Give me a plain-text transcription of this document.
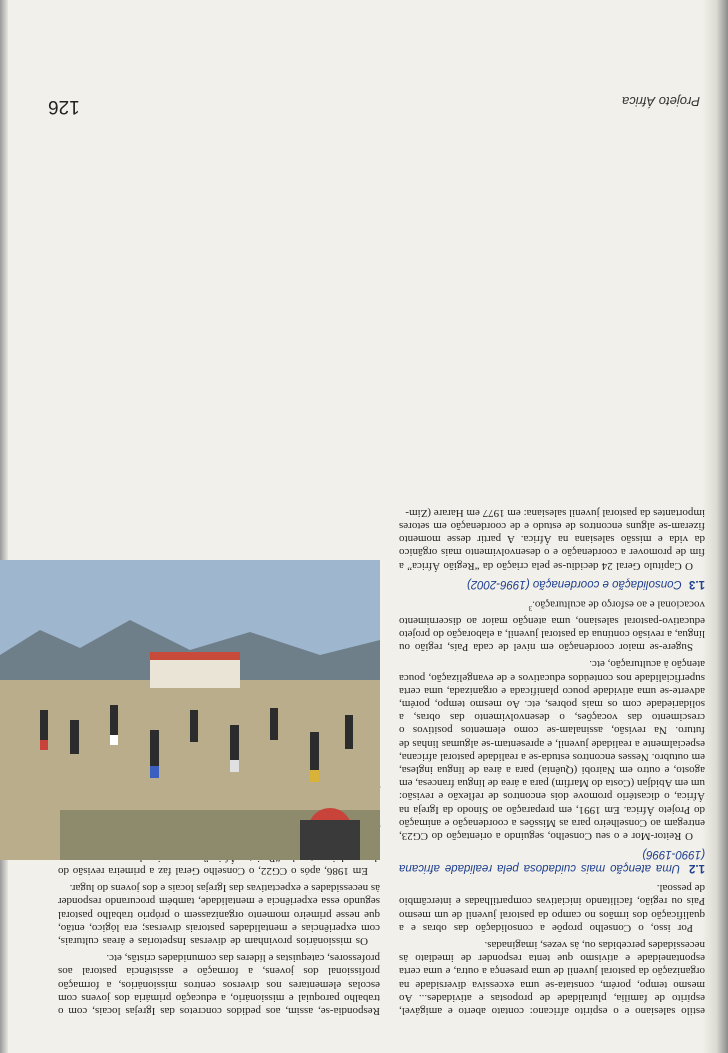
Respondia-se, assim, aos pedidos concretos das Igrejas locais, com o trabalho paroquial e missionário, a educação primária dos jovens com escolas elementares nos diversos centros missionários, a formação profissional dos jovens, a formação e assistência pastoral aos professores, catequistas e líderes das comunidades cristãs, etc.

Os missionários provinham de diversas Inspetorias e áreas culturais, com experiências e mentalidades pastorais diversas; era lógico, então, que nesse primeiro momento organizassem o próprio trabalho pastoral segundo essa experiência e mentalidade, também procurando responder às necessidades e expectativas das Igrejas locais e dos jovens do lugar.

Em 1986, após o CG22, o Conselho Geral faz a primeira revisão do

estilo salesiano e o espírito africano: contato aberto e amigável, espírito de família, pluralidade de propostas e atividades... Ao mesmo tempo, porém, constata-se uma excessiva diversidade na organização da pastoral juvenil de uma presença a outra, e uma certa espontaneidade e ativismo que tenta responder de imediato às necessidades percebidas ou, às vezes, imaginadas.

Por isso, o Conselho propõe a consolidação das obras e a qualificação dos irmãos no campo da pastoral juvenil de um mesmo País ou região, facilitando iniciativas compartilhadas e intercâmbio de pessoal.

1.2 Uma atenção mais cuidadosa pela realidade africana (1990-1996)

O Reitor-Mor e o seu Conselho, seguindo a orientação do CG23, entregam ao Conselheiro para as Missões a coordenação e animação do Projeto África. Em 1991, em preparação ao Sínodo da Igreja na África, o dicastério promove dois encontros de reflexão e revisão: um em Abidjan (Costa do Marfim) para a área de língua francesa, em agosto, e outro em Nairobi (Quênia) para a área de língua inglesa, em outubro. Nesses encontros estuda-se a realidade pastoral africana, especialmente a realidade juvenil, e apresentam-se algumas linhas de futuro. Na revisão, assinalam-se como elementos positivos o crescimento das vocações, o desenvolvimento das obras, a solidariedade com os mais pobres, etc. Ao mesmo tempo, porém, adverte-se uma atividade pouco planificada e organizada, uma certa superficialidade nos conteúdos educativos e de evangelização, pouca atenção à aculturação, etc.

Sugere-se maior coordenação em nível de cada País, região ou língua, a revisão contínua da pastoral juvenil, a elaboração do projeto educativo-pastoral salesiano, uma atenção maior ao discernimento vocacional e ao esforço de aculturação.$^3$

1.3 Consolidação e coordenação (1996-2002)

O Capítulo Geral 24 decidiu-se pela criação da “Região África” a fim de promover a coordenação e o desenvolvimento mais orgânico da vida e missão salesiana na África. A partir desse momento fizeram-se alguns encontros de estudo e de coordenação em setores importantes da pastoral juvenil salesiana: em 1977 em Harare (Zim-

Projeto África
126
